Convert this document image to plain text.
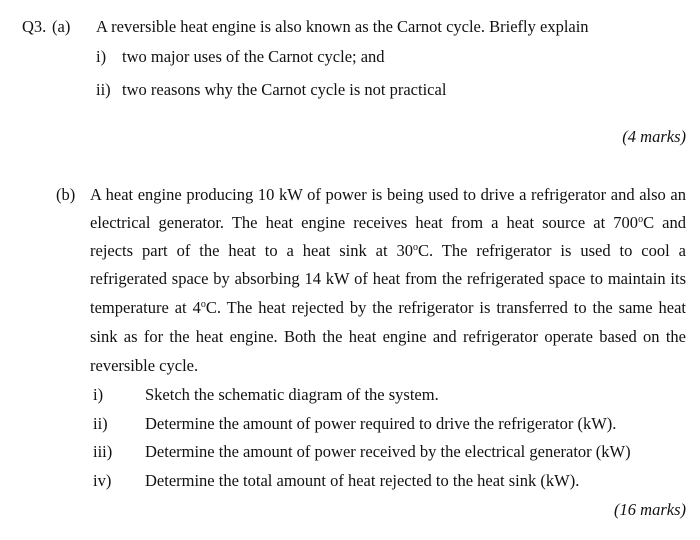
Q3. (a) A reversible heat engine is also known as the Carnot cycle. Briefly explain
i) two major uses of the Carnot cycle; and
ii) two reasons why the Carnot cycle is not practical
(4 marks)
(b) A heat engine producing 10 kW of power is being used to drive a refrigerator and also an
electrical generator. The heat engine receives heat from a heat source at 700$^o$C and
rejects part of the heat to a heat sink at 30$^o$C. The refrigerator is used to cool a
refrigerated space by absorbing 14 kW of heat from the refrigerated space to maintain its
temperature at 4$^o$C. The heat rejected by the refrigerator is transferred to the same heat
sink as for the heat engine. Both the heat engine and refrigerator operate based on the
reversible cycle.
i)	Sketch the schematic diagram of the system.
ii) Determine the amount of power required to drive the refrigerator (kW).
iii) Determine the amount of power received by the electrical generator (kW)
iv) Determine the total amount of heat rejected to the heat sink (kW).
(16 marks)
